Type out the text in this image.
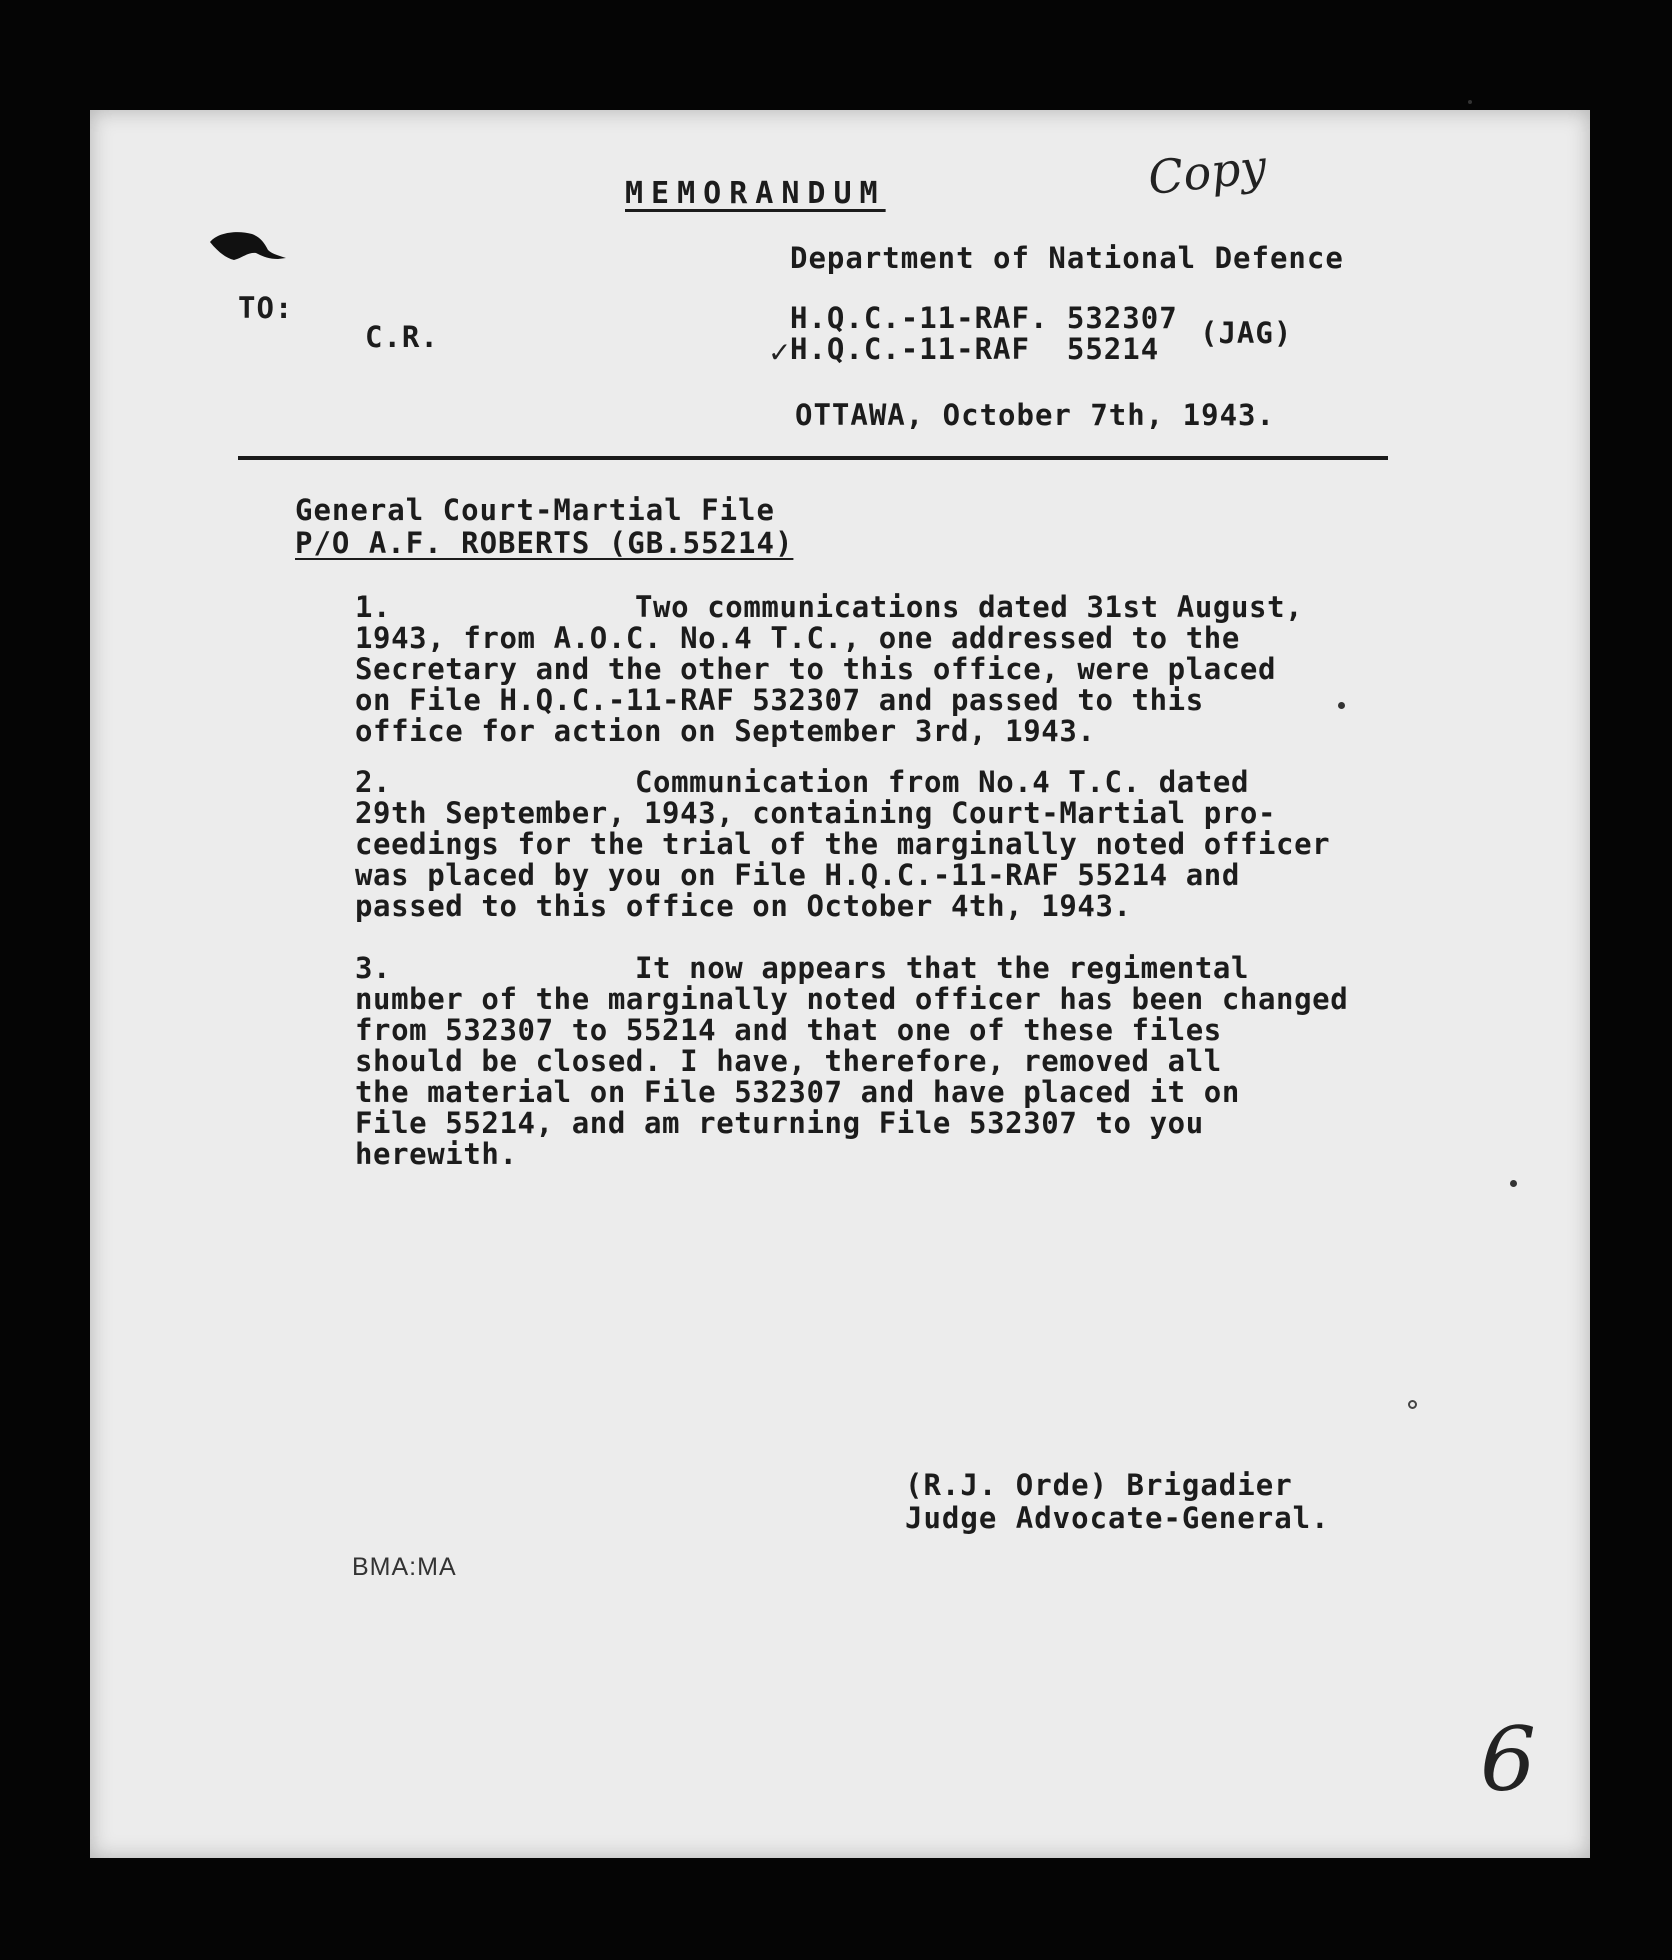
MEMORANDUM	Copy
Department of National Defence
TO:
C.R.
H.Q.C.-11-RAF. 532307
✓
H.Q.C.-11-RAF  55214 (JAG)
OTTAWA, October 7th, 1943.
General Court-Martial File
P/O A.F. ROBERTS (GB.55214)
1.	Two communications dated 31st August,
1943, from A.O.C. No.4 T.C., one addressed to the
Secretary and the other to this office, were placed
on File H.Q.C.-11-RAF 532307 and passed to this
office for action on September 3rd, 1943.
2.	Communication from No.4 T.C. dated
29th September, 1943, containing Court-Martial pro-
ceedings for the trial of the marginally noted officer
was placed by you on File H.Q.C.-11-RAF 55214 and
passed to this office on October 4th, 1943.
3.	It now appears that the regimental
number of the marginally noted officer has been changed
from 532307 to 55214 and that one of these files
should be closed. I have, therefore, removed all
the material on File 532307 and have placed it on
File 55214, and am returning File 532307 to you
herewith.
(R.J. Orde) Brigadier
Judge Advocate-General.
BMA:MA
6
